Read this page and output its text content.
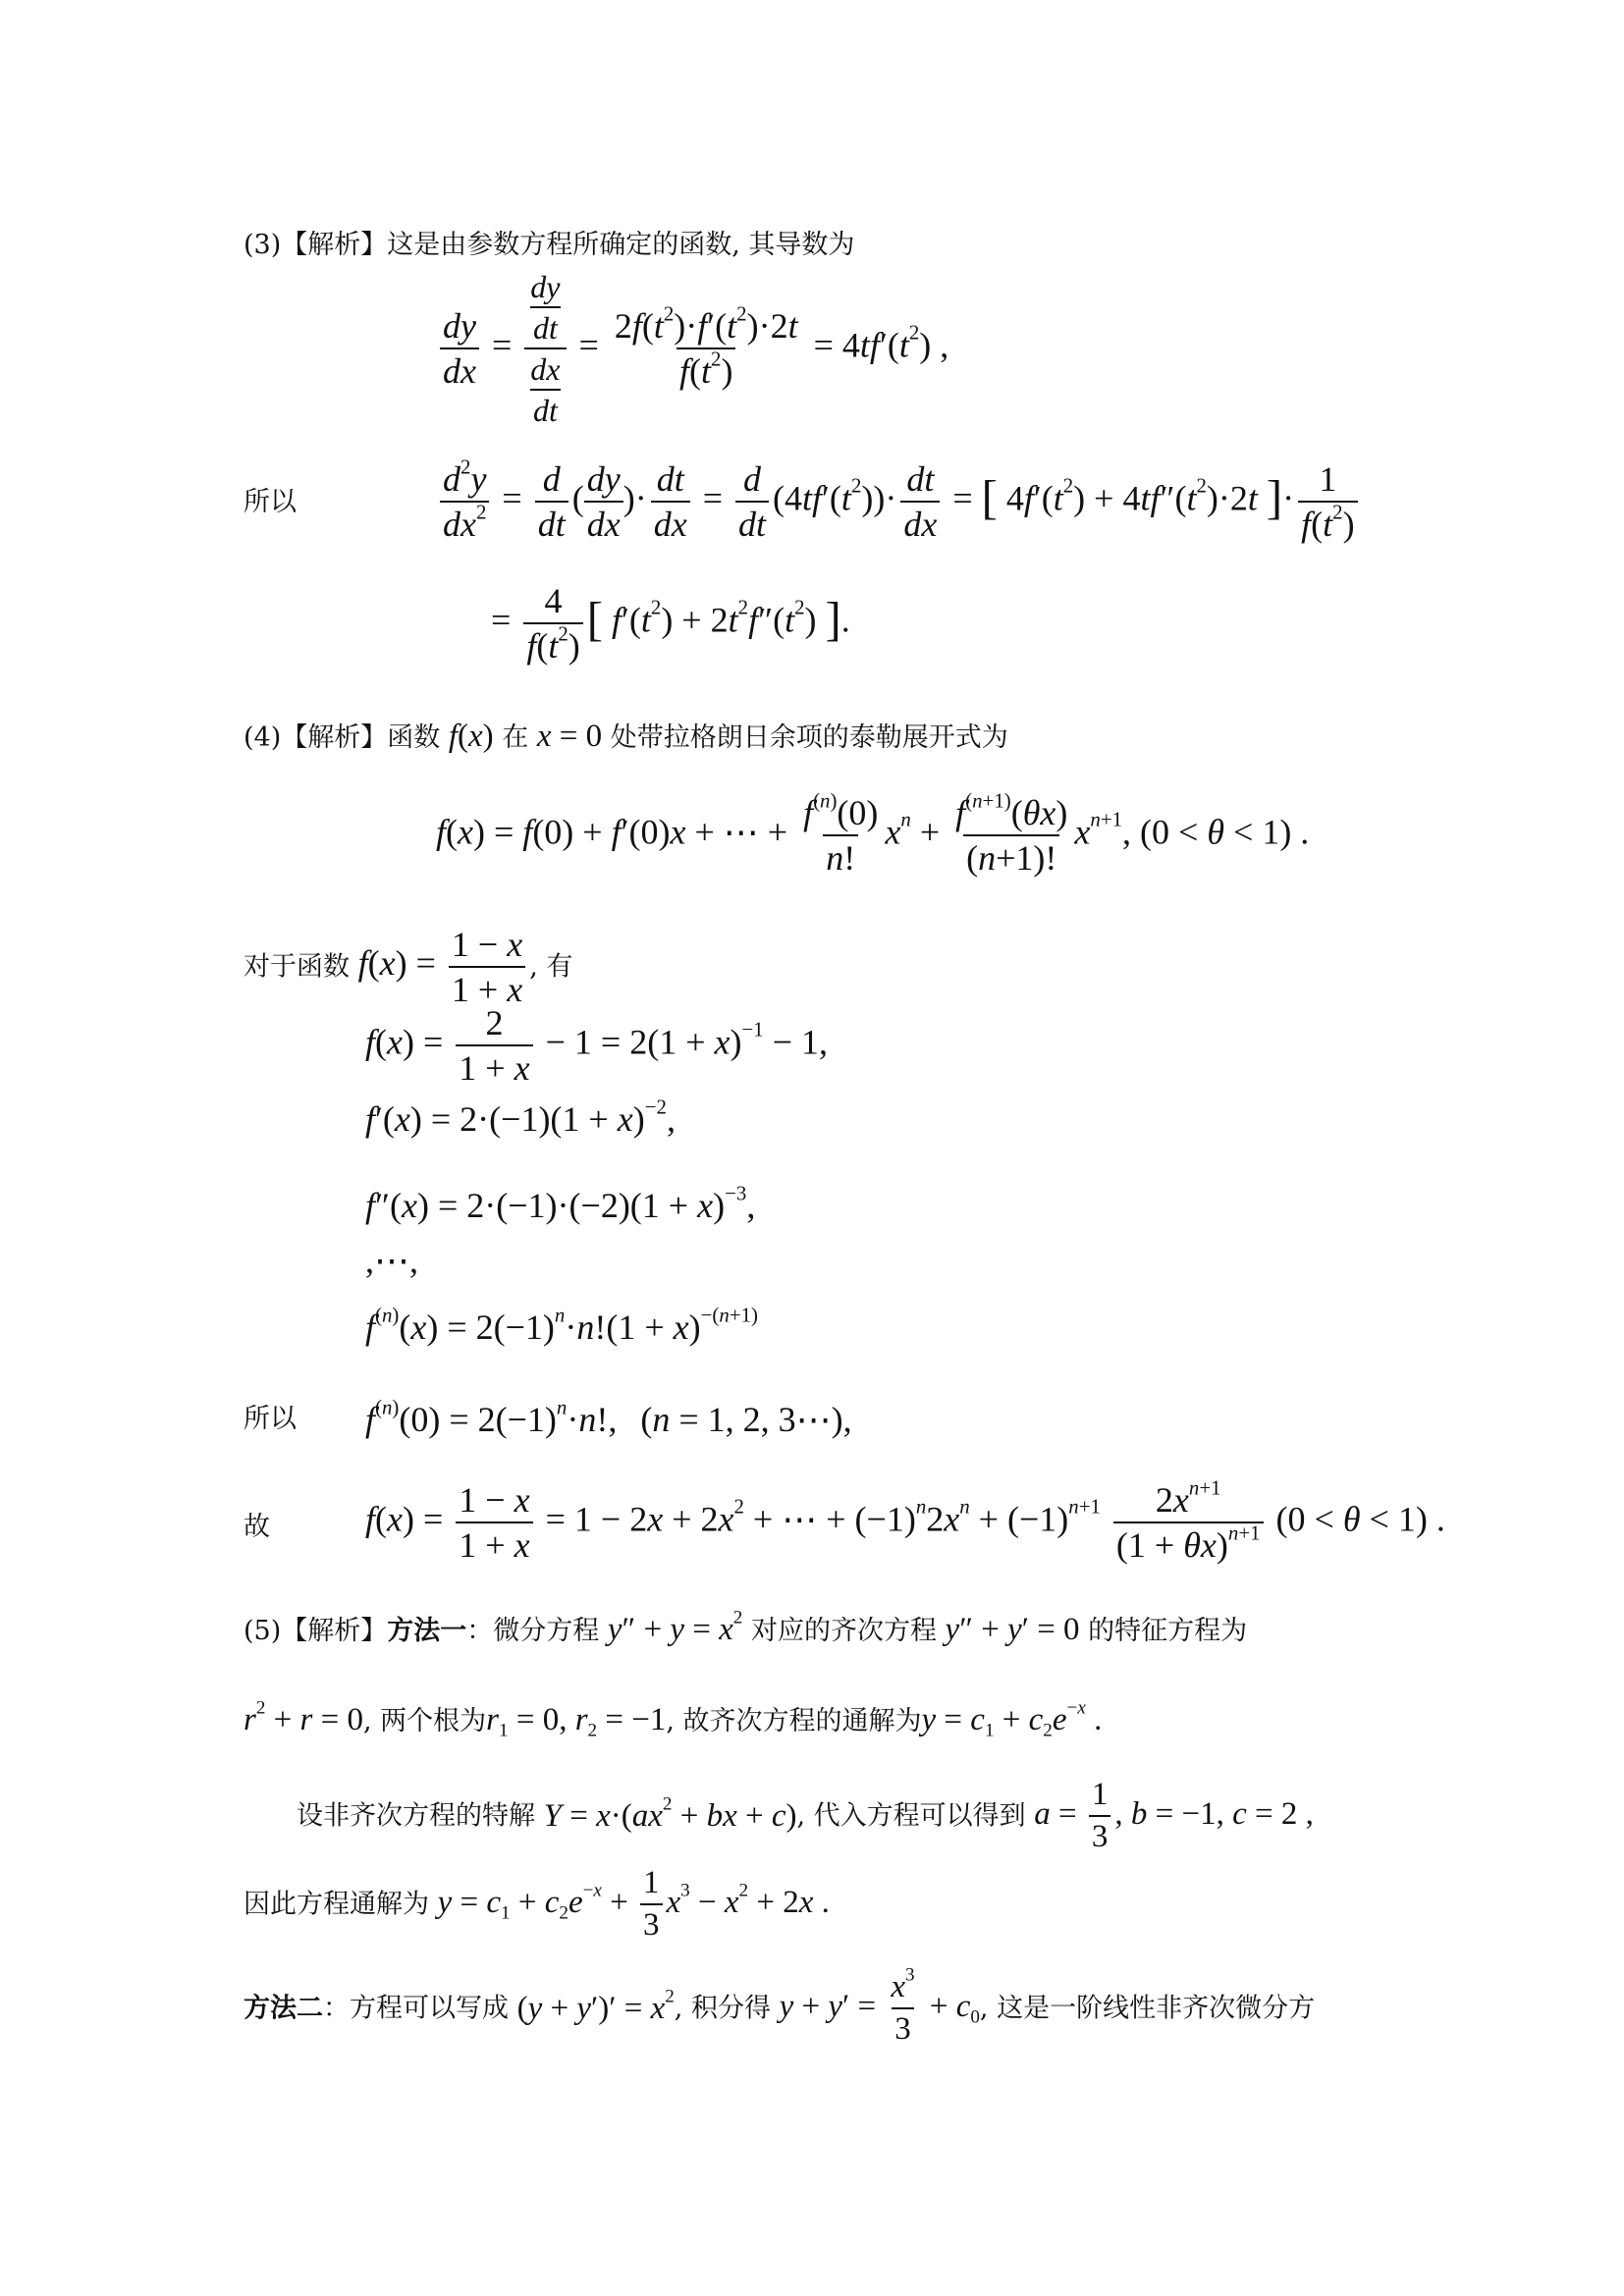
(3)【解析】这是由参数方程所确定的函数, 其导数为
$\frac{dy}{dx} = \frac{\frac{dy}{dt}}{\frac{dx}{dt}} = \frac{2f(t^2)\cdot f'(t^2)\cdot 2t}{f(t^2)} = 4tf'(t^2)$ ,
所以	$\frac{d^2y}{dx^2} = \frac{d}{dt}$ ( $\frac{dy}{dx}$ )· $\frac{dt}{dx} = \frac{d}{dt} (4tf'(t^2))\cdot \frac{dt}{dx}$ = [ $4f'(t^2) + 4tf''(t^2)\cdot 2t$ ]· $\frac{1}{f(t^2)}$
= $\frac{4}{f(t^2)}$ [ $f'(t^2) + 2t^2f''(t^2)$ ].
(4)【解析】函数 f(x) 在 x = 0 处带拉格朗日余项的泰勒展开式为
f(x) = f(0) + f′(0)x + ⋯ + $\frac{f^{(n)}(0)}{n!} x^n + \frac{f^{(n+1)}(\theta x)}{(n+1)!} x^{n+1}$, (0 < θ < 1) .
对于函数 $f(x) = \frac{1 - x}{1 + x}$ , 有
$f(x) = \frac{2}{1 + x} - 1 = 2(1 + x)^{-1} - 1$,
$f'(x) = 2\cdot(-1)(1 + x)^{-2}$,
$f''(x) = 2\cdot(-1)\cdot(-2)(1 + x)^{-3}$,
,⋯,
$f^{(n)}(x) = 2(-1)^n\cdot n!(1 + x)^{-(n+1)}$
所以 $f^{(n)}(0) = 2(-1)^n\cdot n$!, (n = 1, 2, 3⋯),
故	$f(x) = \frac{1 - x}{1 + x} = 1 - 2x + 2x^2$ + ⋯ + $(-1)^n2x^n + (-1)^{n+1} \frac{2x^{n+1}}{(1 + \theta x)^{n+1}} (0 < \theta < 1)$ .
(5)【解析】方法一：微分方程 $y'' + y = x^2$ 对应的齐次方程 y″ + y′ = 0 的特征方程为
$r^2 + r = 0$, 两个根为$r_1 = 0$, $r_2 = -1$, 故齐次方程的通解为$y = c_1 + c_2e^{-x}$ .
设非齐次方程的特解 $Y = x\cdot(ax^2$ + bx + c), 代入方程可以得到 $a = \frac{1}{3}$ , b = −1, c = 2 ,
因此方程通解为 $y = c_1 + c_2e^{-x} + \frac{1}{3} x^3 - x^2 + 2x$ .
方法二：方程可以写成 $(y + y')' = x^2$, 积分得 $y + y' = \frac{x^3}{3} + c_0$, 这是一阶线性非齐次微分方
